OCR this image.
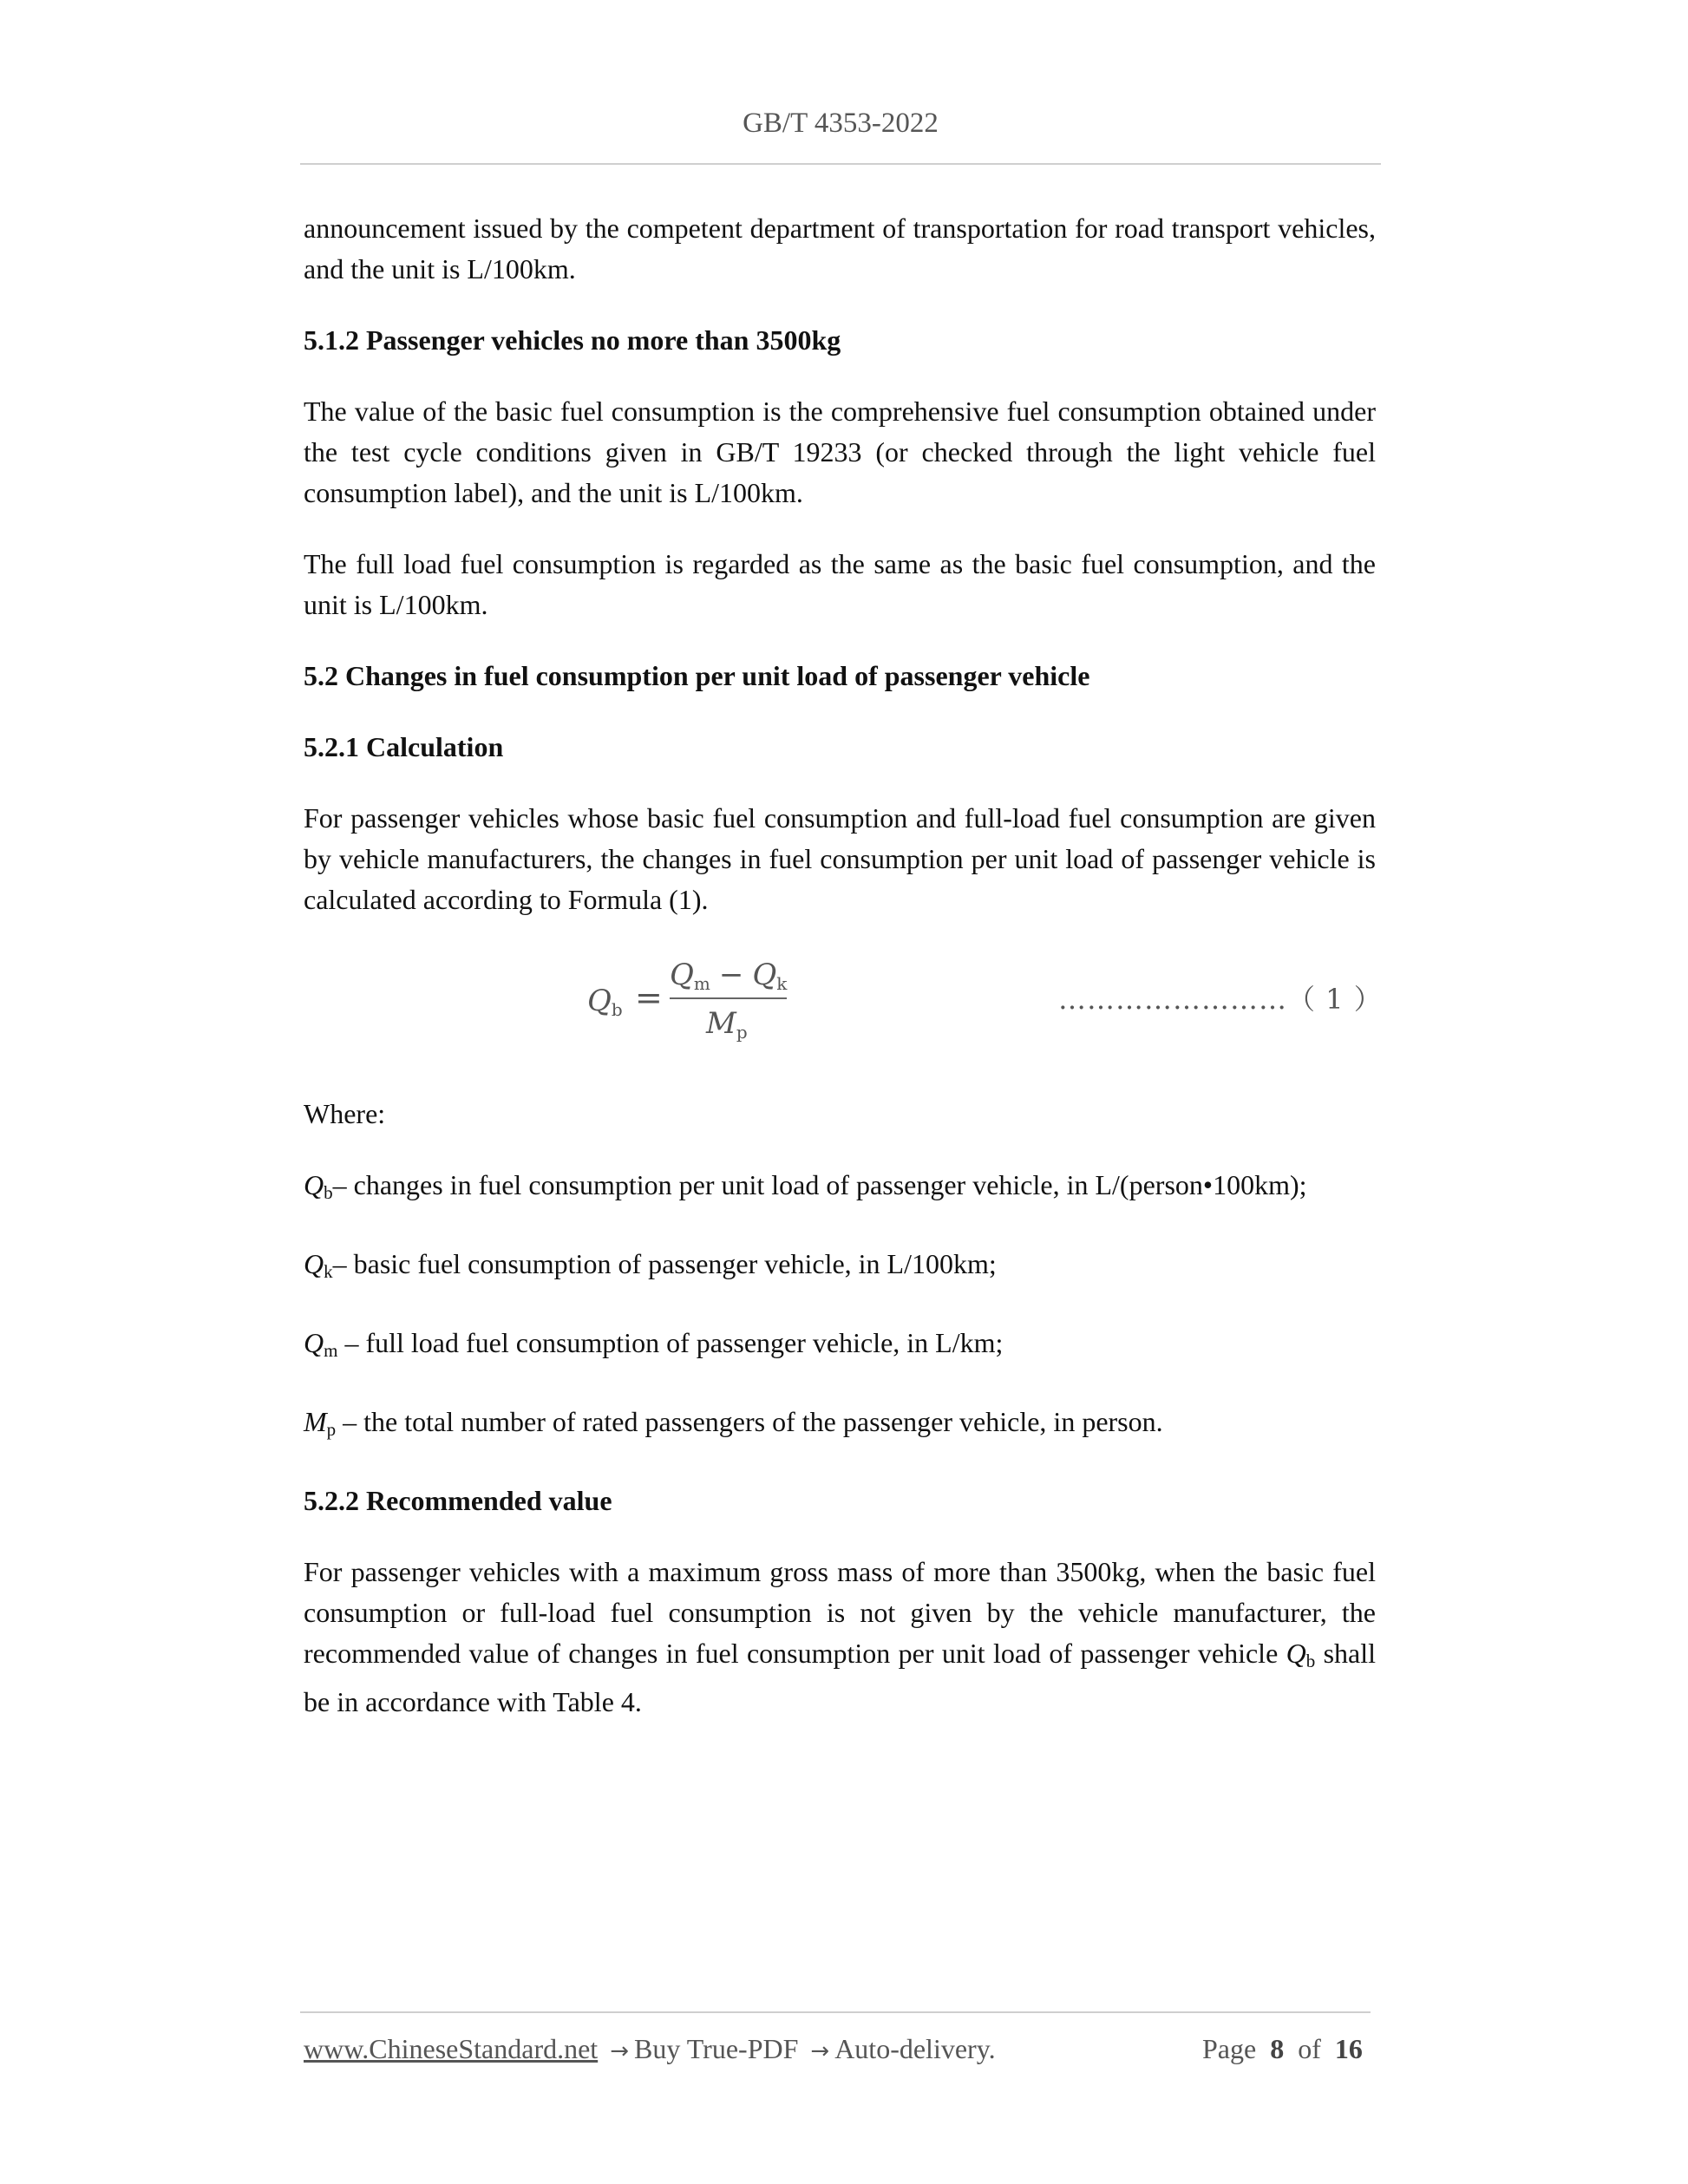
GB/T 4353-2022

announcement issued by the competent department of transportation for road transport vehicles, and the unit is L/100km.

5.1.2 Passenger vehicles no more than 3500kg

The value of the basic fuel consumption is the comprehensive fuel consumption obtained under the test cycle conditions given in GB/T 19233 (or checked through the light vehicle fuel consumption label), and the unit is L/100km.

The full load fuel consumption is regarded as the same as the basic fuel consumption, and the unit is L/100km.

5.2 Changes in fuel consumption per unit load of passenger vehicle
5.2.1 Calculation

For passenger vehicles whose basic fuel consumption and full-load fuel consumption are given by vehicle manufacturers, the changes in fuel consumption per unit load of passenger vehicle is calculated according to Formula (1).

Qb =
Qm − Qk
Mp
……………………（ 1 ）

Where:

$Q_b-$ changes in fuel consumption per unit load of passenger vehicle, in L/(person•100km);

$Q_k-$ basic fuel consumption of passenger vehicle, in L/100km;

$Q_m$ – full load fuel consumption of passenger vehicle, in L/km;

$M_p$ – the total number of rated passengers of the passenger vehicle, in person.

5.2.2 Recommended value

For passenger vehicles with a maximum gross mass of more than 3500kg, when the basic fuel consumption or full-load fuel consumption is not given by the vehicle manufacturer, the recommended value of changes in fuel consumption per unit load of passenger vehicle Qb shall be in accordance with Table 4.

www.ChineseStandard.net → Buy True-PDF → Auto-delivery.	Page 8 of 16
